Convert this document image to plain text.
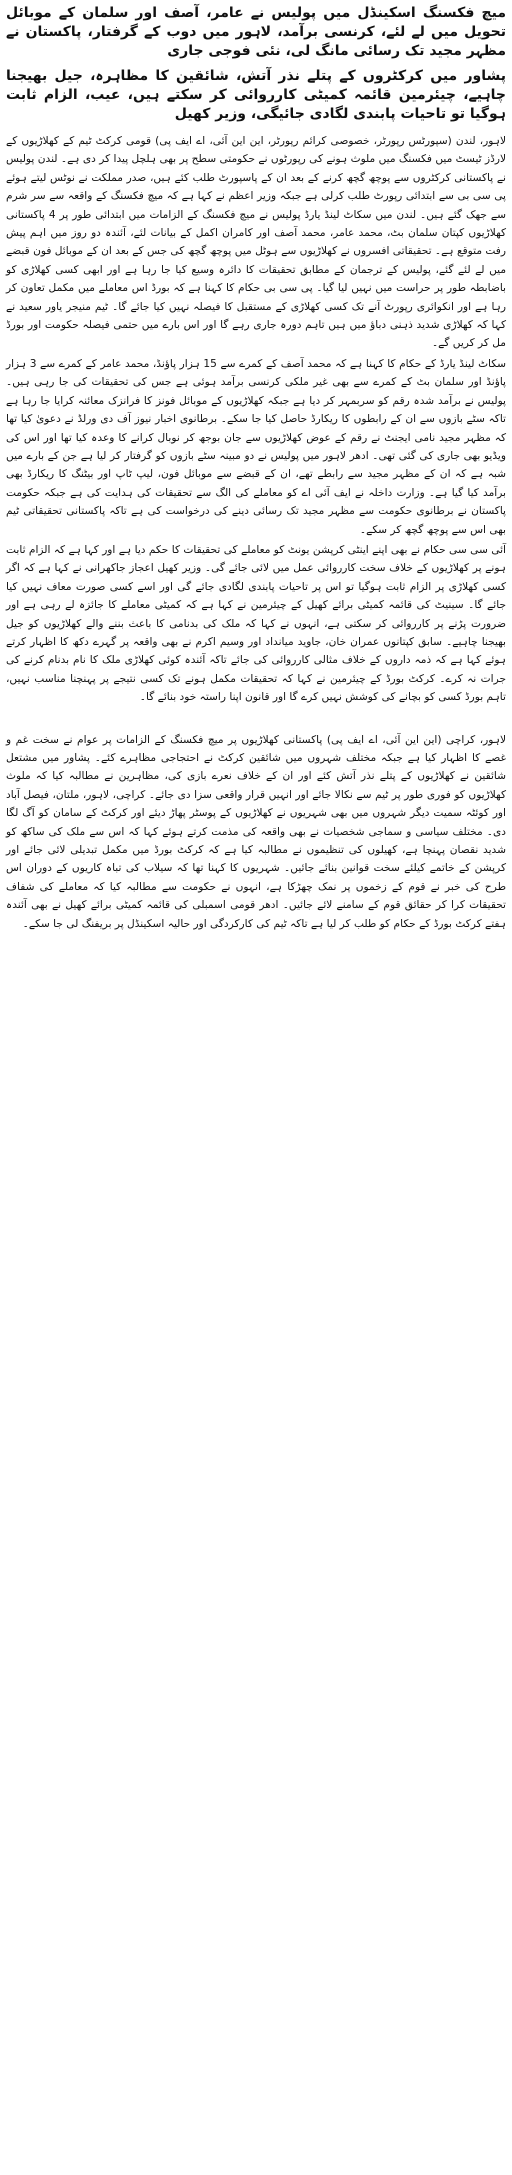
میچ فکسنگ اسکینڈل میں پولیس نے عامر، آصف اور سلمان کے موبائل تحویل میں لے لئے، کرنسی برآمد، لاہور میں دوب کے گرفتار، پاکستان نے مظہر مجید تک رسائی مانگ لی، نئی فوجی جاری
پشاور میں کرکٹروں کے پتلے نذر آتش، شائقین کا مظاہرہ، جیل بھیجنا چاہیے، چیئرمین قائمہ کمیٹی کارروائی کر سکتے ہیں، عیب، الزام ثابت ہوگیا تو تاحیات پابندی لگادی جائیگی، وزیر کھیل
لاہور، لندن (سپورٹس رپورٹر، خصوصی کرائم رپورٹر، این این آئی، اے ایف پی) قومی کرکٹ ٹیم کے کھلاڑیوں کے لارڈز ٹیسٹ میں فکسنگ میں ملوث ہونے کی رپورٹوں نے حکومتی سطح پر بھی ہلچل پیدا کر دی ہے۔ لندن پولیس نے پاکستانی کرکٹروں سے پوچھ گچھ کرنے کے بعد ان کے پاسپورٹ طلب کئے ہیں، صدر مملکت نے نوٹس لیتے ہوئے پی سی بی سے ابتدائی رپورٹ طلب کرلی ہے جبکہ وزیر اعظم نے کہا ہے کہ میچ فکسنگ کے واقعہ سے سر شرم سے جھک گئے ہیں۔ لندن میں سکاٹ لینڈ یارڈ پولیس نے میچ فکسنگ کے الزامات میں ابتدائی طور پر 4 پاکستانی کھلاڑیوں کپتان سلمان بٹ، محمد عامر، محمد آصف اور کامران اکمل کے بیانات لئے، آئندہ دو روز میں اہم پیش رفت متوقع ہے۔ تحقیقاتی افسروں نے کھلاڑیوں سے ہوٹل میں پوچھ گچھ کی جس کے بعد ان کے موبائل فون قبضے میں لے لئے گئے، پولیس کے ترجمان کے مطابق تحقیقات کا دائرہ وسیع کیا جا رہا ہے اور ابھی کسی کھلاڑی کو باضابطہ طور پر حراست میں نہیں لیا گیا۔ پی سی بی حکام کا کہنا ہے کہ بورڈ اس معاملے میں مکمل تعاون کر رہا ہے اور انکوائری رپورٹ آنے تک کسی کھلاڑی کے مستقبل کا فیصلہ نہیں کیا جائے گا۔ ٹیم منیجر یاور سعید نے کہا کہ کھلاڑی شدید ذہنی دباؤ میں ہیں تاہم دورہ جاری رہے گا اور اس بارے میں حتمی فیصلہ حکومت اور بورڈ مل کر کریں گے۔
سکاٹ لینڈ یارڈ کے حکام کا کہنا ہے کہ محمد آصف کے کمرے سے 15 ہزار پاؤنڈ، محمد عامر کے کمرے سے 3 ہزار پاؤنڈ اور سلمان بٹ کے کمرے سے بھی غیر ملکی کرنسی برآمد ہوئی ہے جس کی تحقیقات کی جا رہی ہیں۔ پولیس نے برآمد شدہ رقم کو سربمہر کر دیا ہے جبکہ کھلاڑیوں کے موبائل فونز کا فرانزک معائنہ کرایا جا رہا ہے تاکہ سٹے بازوں سے ان کے رابطوں کا ریکارڈ حاصل کیا جا سکے۔ برطانوی اخبار نیوز آف دی ورلڈ نے دعویٰ کیا تھا کہ مظہر مجید نامی ایجنٹ نے رقم کے عوض کھلاڑیوں سے جان بوجھ کر نوبال کرانے کا وعدہ کیا تھا اور اس کی ویڈیو بھی جاری کی گئی تھی۔ ادھر لاہور میں پولیس نے دو مبینہ سٹے بازوں کو گرفتار کر لیا ہے جن کے بارے میں شبہ ہے کہ ان کے مظہر مجید سے رابطے تھے، ان کے قبضے سے موبائل فون، لیپ ٹاپ اور بیٹنگ کا ریکارڈ بھی برآمد کیا گیا ہے۔ وزارت داخلہ نے ایف آئی اے کو معاملے کی الگ سے تحقیقات کی ہدایت کی ہے جبکہ حکومت پاکستان نے برطانوی حکومت سے مظہر مجید تک رسائی دینے کی درخواست کی ہے تاکہ پاکستانی تحقیقاتی ٹیم بھی اس سے پوچھ گچھ کر سکے۔
آئی سی سی حکام نے بھی اپنے اینٹی کرپشن یونٹ کو معاملے کی تحقیقات کا حکم دیا ہے اور کہا ہے کہ الزام ثابت ہونے پر کھلاڑیوں کے خلاف سخت کارروائی عمل میں لائی جائے گی۔ وزیر کھیل اعجاز جاکھرانی نے کہا ہے کہ اگر کسی کھلاڑی پر الزام ثابت ہوگیا تو اس پر تاحیات پابندی لگادی جائے گی اور اسے کسی صورت معاف نہیں کیا جائے گا۔ سینیٹ کی قائمہ کمیٹی برائے کھیل کے چیئرمین نے کہا ہے کہ کمیٹی معاملے کا جائزہ لے رہی ہے اور ضرورت پڑنے پر کارروائی کر سکتی ہے، انہوں نے کہا کہ ملک کی بدنامی کا باعث بننے والے کھلاڑیوں کو جیل بھیجنا چاہیے۔ سابق کپتانوں عمران خان، جاوید میانداد اور وسیم اکرم نے بھی واقعہ پر گہرے دکھ کا اظہار کرتے ہوئے کہا ہے کہ ذمہ داروں کے خلاف مثالی کارروائی کی جائے تاکہ آئندہ کوئی کھلاڑی ملک کا نام بدنام کرنے کی جرات نہ کرے۔ کرکٹ بورڈ کے چیئرمین نے کہا کہ تحقیقات مکمل ہونے تک کسی نتیجے پر پہنچنا مناسب نہیں، تاہم بورڈ کسی کو بچانے کی کوشش نہیں کرے گا اور قانون اپنا راستہ خود بنائے گا۔
لاہور، کراچی (این این آئی، اے ایف پی) پاکستانی کھلاڑیوں پر میچ فکسنگ کے الزامات پر عوام نے سخت غم و غصے کا اظہار کیا ہے جبکہ مختلف شہروں میں شائقین کرکٹ نے احتجاجی مظاہرے کئے۔ پشاور میں مشتعل شائقین نے کھلاڑیوں کے پتلے نذر آتش کئے اور ان کے خلاف نعرے بازی کی، مظاہرین نے مطالبہ کیا کہ ملوث کھلاڑیوں کو فوری طور پر ٹیم سے نکالا جائے اور انہیں قرار واقعی سزا دی جائے۔ کراچی، لاہور، ملتان، فیصل آباد اور کوئٹہ سمیت دیگر شہروں میں بھی شہریوں نے کھلاڑیوں کے پوسٹر پھاڑ دیئے اور کرکٹ کے سامان کو آگ لگا دی۔ مختلف سیاسی و سماجی شخصیات نے بھی واقعہ کی مذمت کرتے ہوئے کہا کہ اس سے ملک کی ساکھ کو شدید نقصان پہنچا ہے، کھیلوں کی تنظیموں نے مطالبہ کیا ہے کہ کرکٹ بورڈ میں مکمل تبدیلی لائی جائے اور کرپشن کے خاتمے کیلئے سخت قوانین بنائے جائیں۔ شہریوں کا کہنا تھا کہ سیلاب کی تباہ کاریوں کے دوران اس طرح کی خبر نے قوم کے زخموں پر نمک چھڑکا ہے، انہوں نے حکومت سے مطالبہ کیا کہ معاملے کی شفاف تحقیقات کرا کر حقائق قوم کے سامنے لائے جائیں۔ ادھر قومی اسمبلی کی قائمہ کمیٹی برائے کھیل نے بھی آئندہ ہفتے کرکٹ بورڈ کے حکام کو طلب کر لیا ہے تاکہ ٹیم کی کارکردگی اور حالیہ اسکینڈل پر بریفنگ لی جا سکے۔
